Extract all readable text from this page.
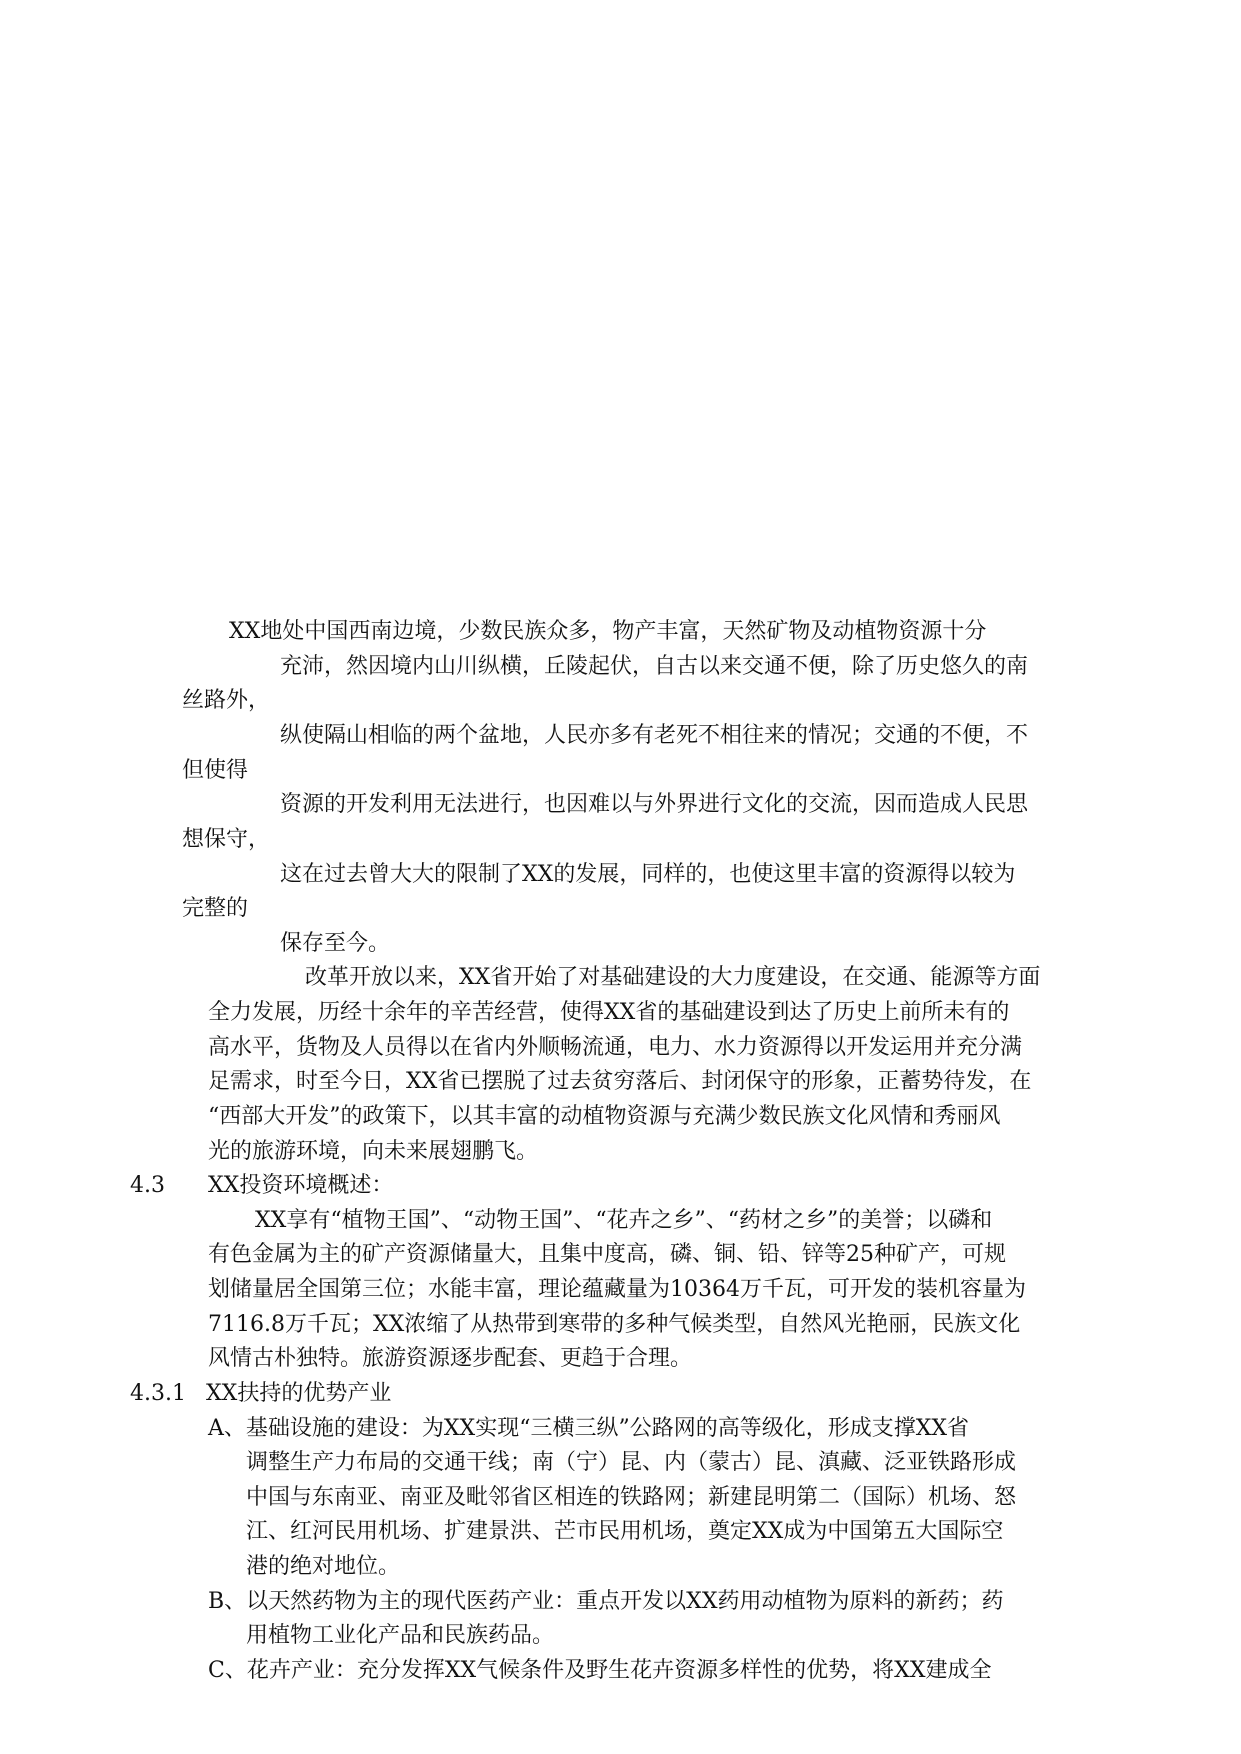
XX地处中国西南边境，少数民族众多，物产丰富，天然矿物及动植物资源十分
充沛，然因境内山川纵横，丘陵起伏，自古以来交通不便，除了历史悠久的南
丝路外，
纵使隔山相临的两个盆地，人民亦多有老死不相往来的情况；交通的不便，不
但使得
资源的开发利用无法进行，也因难以与外界进行文化的交流，因而造成人民思
想保守，
这在过去曾大大的限制了XX的发展，同样的，也使这里丰富的资源得以较为
完整的
保存至今。
改革开放以来，XX省开始了对基础建设的大力度建设，在交通、能源等方面
全力发展，历经十余年的辛苦经营，使得XX省的基础建设到达了历史上前所未有的
高水平，货物及人员得以在省内外顺畅流通，电力、水力资源得以开发运用并充分满
足需求，时至今日，XX省已摆脱了过去贫穷落后、封闭保守的形象，正蓄势待发，在
“西部大开发”的政策下，以其丰富的动植物资源与充满少数民族文化风情和秀丽风
光的旅游环境，向未来展翅鹏飞。
4.3 XX投资环境概述：
XX享有“植物王国”、“动物王国”、“花卉之乡”、“药材之乡”的美誉；以磷和
有色金属为主的矿产资源储量大，且集中度高，磷、铜、铅、锌等25种矿产，可规
划储量居全国第三位；水能丰富，理论蕴藏量为10364万千瓦，可开发的装机容量为
7116.8万千瓦；XX浓缩了从热带到寒带的多种气候类型，自然风光艳丽，民族文化
风情古朴独特。旅游资源逐步配套、更趋于合理。
4.3.1 XX扶持的优势产业
A、基础设施的建设：为XX实现“三横三纵”公路网的高等级化，形成支撑XX省
调整生产力布局的交通干线；南（宁）昆、内（蒙古）昆、滇藏、泛亚铁路形成
中国与东南亚、南亚及毗邻省区相连的铁路网；新建昆明第二（国际）机场、怒
江、红河民用机场、扩建景洪、芒市民用机场，奠定XX成为中国第五大国际空
港的绝对地位。
B、以天然药物为主的现代医药产业：重点开发以XX药用动植物为原料的新药；药
用植物工业化产品和民族药品。
C、花卉产业：充分发挥XX气候条件及野生花卉资源多样性的优势，将XX建成全
